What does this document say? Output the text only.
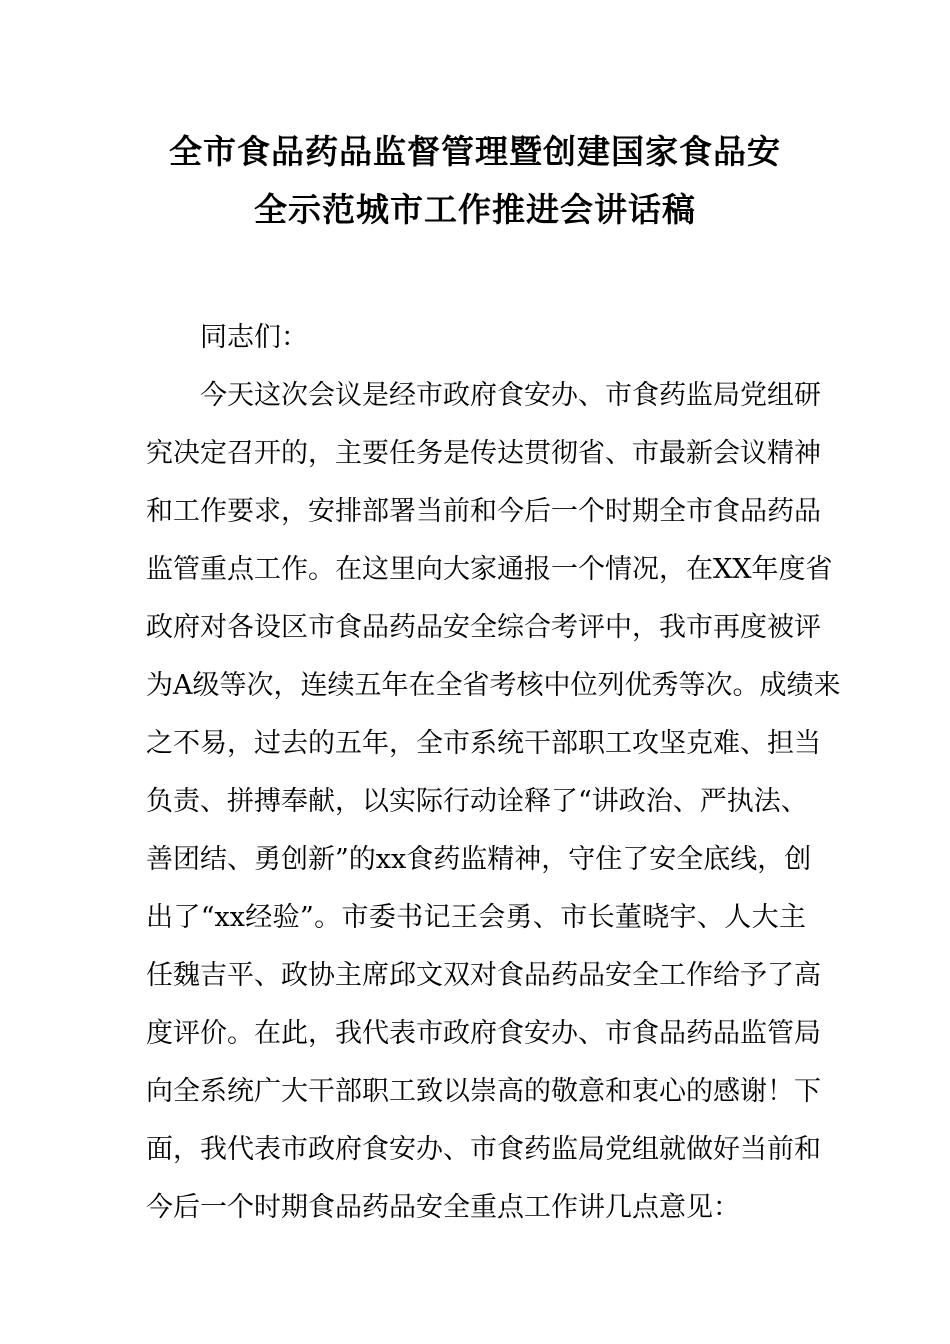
全市食品药品监督管理暨创建国家食品安
全示范城市工作推进会讲话稿
同志们：
今天这次会议是经市政府食安办、市食药监局党组研
究决定召开的，主要任务是传达贯彻省、市最新会议精神
和工作要求，安排部署当前和今后一个时期全市食品药品
监管重点工作。在这里向大家通报一个情况，在XX年度省
政府对各设区市食品药品安全综合考评中，我市再度被评
为A级等次，连续五年在全省考核中位列优秀等次。成绩来
之不易，过去的五年，全市系统干部职工攻坚克难、担当
负责、拼搏奉献，以实际行动诠释了“讲政治、严执法、
善团结、勇创新”的xx食药监精神，守住了安全底线，创
出了“xx经验”。市委书记王会勇、市长董晓宇、人大主
任魏吉平、政协主席邱文双对食品药品安全工作给予了高
度评价。在此，我代表市政府食安办、市食品药品监管局
向全系统广大干部职工致以崇高的敬意和衷心的感谢！下
面，我代表市政府食安办、市食药监局党组就做好当前和
今后一个时期食品药品安全重点工作讲几点意见：
